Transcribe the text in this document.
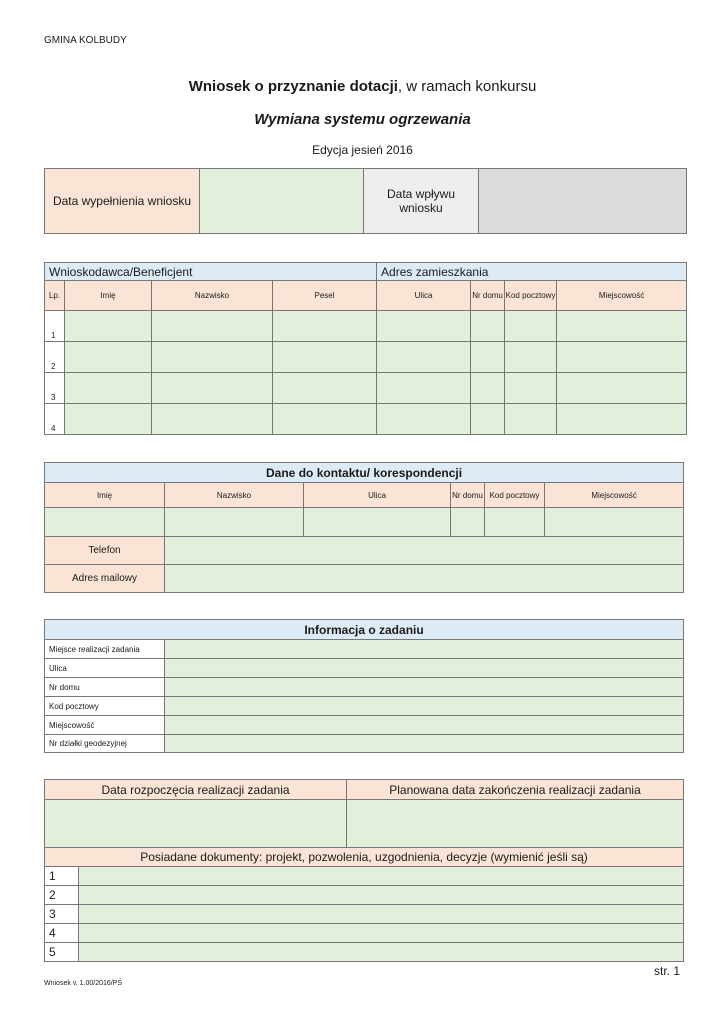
GMINA KOLBUDY
Wniosek o przyznanie dotacji, w ramach konkursu
Wymiana systemu ogrzewania
Edycja jesień 2016
Data wypełnienia wniosku		Data wpływu wniosku	
Wnioskodawca/Beneficjent				Adres zamieszkania			
Lp.	Imię	Nazwisko	Pesel	Ulica	Nr domu	Kod pocztowy	Miejscowość
1							
2							
3							
4							
Dane do kontaktu/ korespondencji					
Imię	Nazwisko	Ulica	Nr domu	Kod pocztowy	Miejscowość

Telefon					
Adres mailowy					
Informacja o zadaniu	
Miejsce realizacji zadania	
Ulica	
Nr domu	
Kod pocztowy	
Miejscowość	
Nr działki geodezyjnej	
Data rozpoczęcia realizacji zadania		Planowana data zakończenia realizacji zadania

Posiadane dokumenty: projekt, pozwolenia, uzgodnienia, decyzje (wymienić jeśli są)		
1		
2		
3		
4		
5		
str. 1
Wniosek v. 1.00/2016/PŚ
